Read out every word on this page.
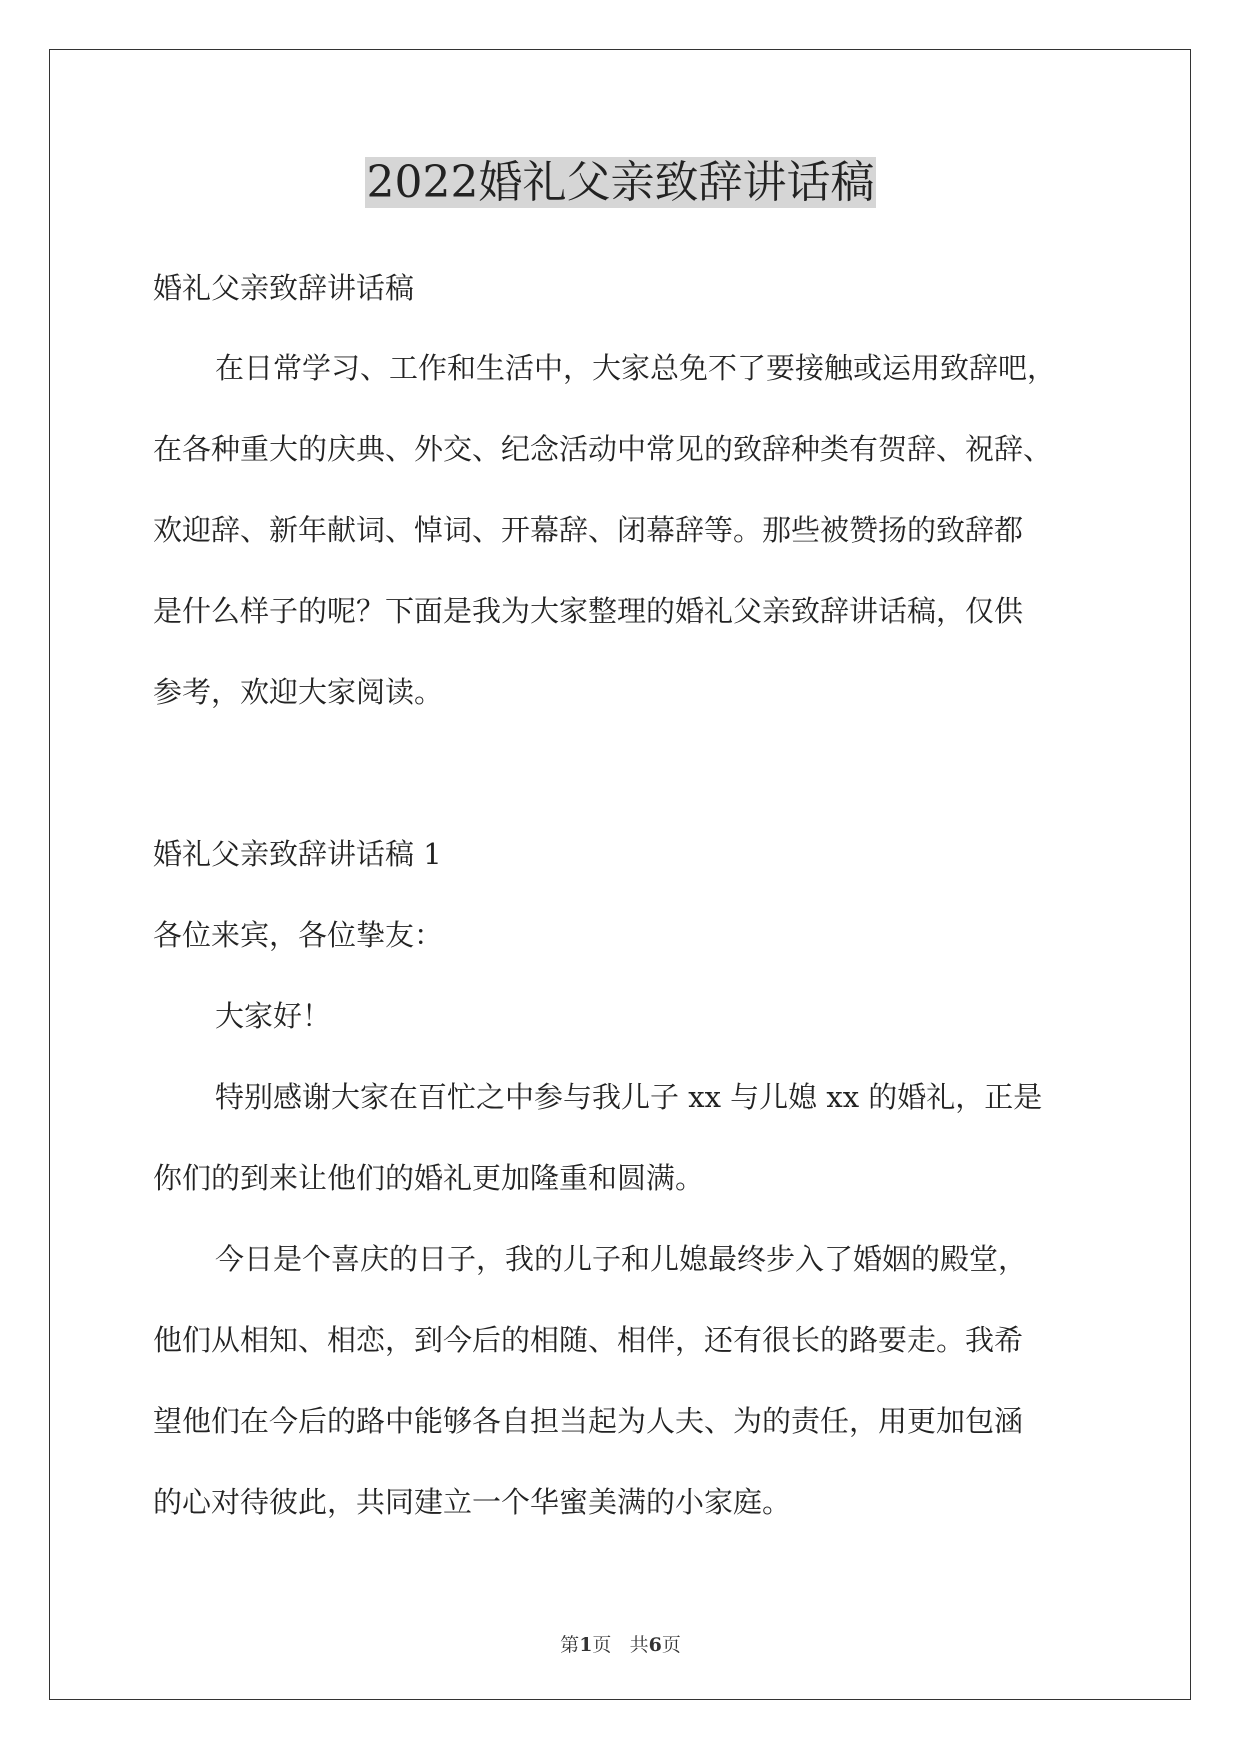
2022婚礼父亲致辞讲话稿
婚礼父亲致辞讲话稿
在日常学习、工作和生活中，大家总免不了要接触或运用致辞吧，
在各种重大的庆典、外交、纪念活动中常见的致辞种类有贺辞、祝辞、
欢迎辞、新年献词、悼词、开幕辞、闭幕辞等。那些被赞扬的致辞都
是什么样子的呢？下面是我为大家整理的婚礼父亲致辞讲话稿，仅供
参考，欢迎大家阅读。
婚礼父亲致辞讲话稿 1
各位来宾，各位挚友：
大家好！
特别感谢大家在百忙之中参与我儿子 xx 与儿媳 xx 的婚礼，正是
你们的到来让他们的婚礼更加隆重和圆满。
今日是个喜庆的日子，我的儿子和儿媳最终步入了婚姻的殿堂，
他们从相知、相恋，到今后的相随、相伴，还有很长的路要走。我希
望他们在今后的路中能够各自担当起为人夫、为的责任，用更加包涵
的心对待彼此，共同建立一个华蜜美满的小家庭。
第1页 共6页
